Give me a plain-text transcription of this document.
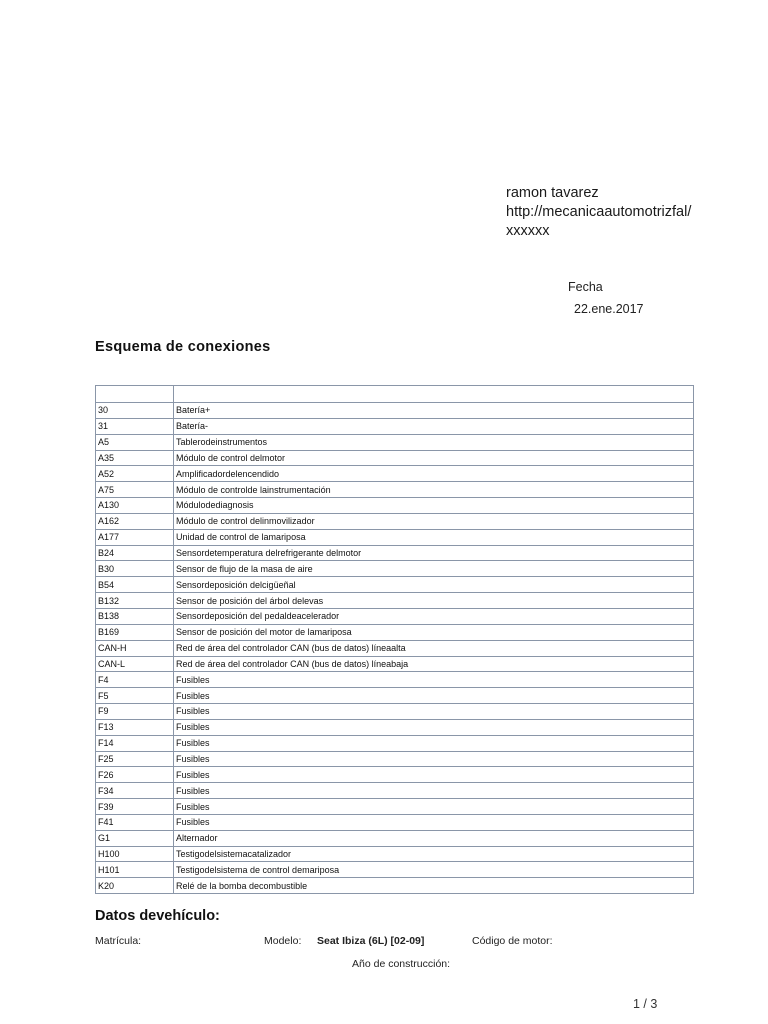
ramon tavarez
http://mecanicaautomotrizfal/
xxxxxx
Fecha
22.ene.2017
Esquema de conexiones

30	Batería+
31	Batería-
A5	Tablerodeinstrumentos
A35	Módulo de control delmotor
A52	Amplificadordelencendido
A75	Módulo de controlde lainstrumentación
A130	Módulodediagnosis
A162	Módulo de control delinmovilizador
A177	Unidad de control de lamariposa
B24	Sensordetemperatura delrefrigerante delmotor
B30	Sensor de flujo de la masa de aire
B54	Sensordeposición delcigüeñal
B132	Sensor de posición del árbol delevas
B138	Sensordeposición del pedaldeacelerador
B169	Sensor de posición del motor de lamariposa
CAN-H	Red de área del controlador CAN (bus de datos) líneaalta
CAN-L	Red de área del controlador CAN (bus de datos) líneabaja
F4	Fusibles
F5	Fusibles
F9	Fusibles
F13	Fusibles
F14	Fusibles
F25	Fusibles
F26	Fusibles
F34	Fusibles
F39	Fusibles
F41	Fusibles
G1	Alternador
H100	Testigodelsistemacatalizador
H101	Testigodelsistema de control demariposa
K20	Relé de la bomba decombustible
Datos devehículo:
Matrícula:	Modelo: Seat Ibiza (6L) [02-09]	Código de motor:
Año de construcción:
1 / 3
